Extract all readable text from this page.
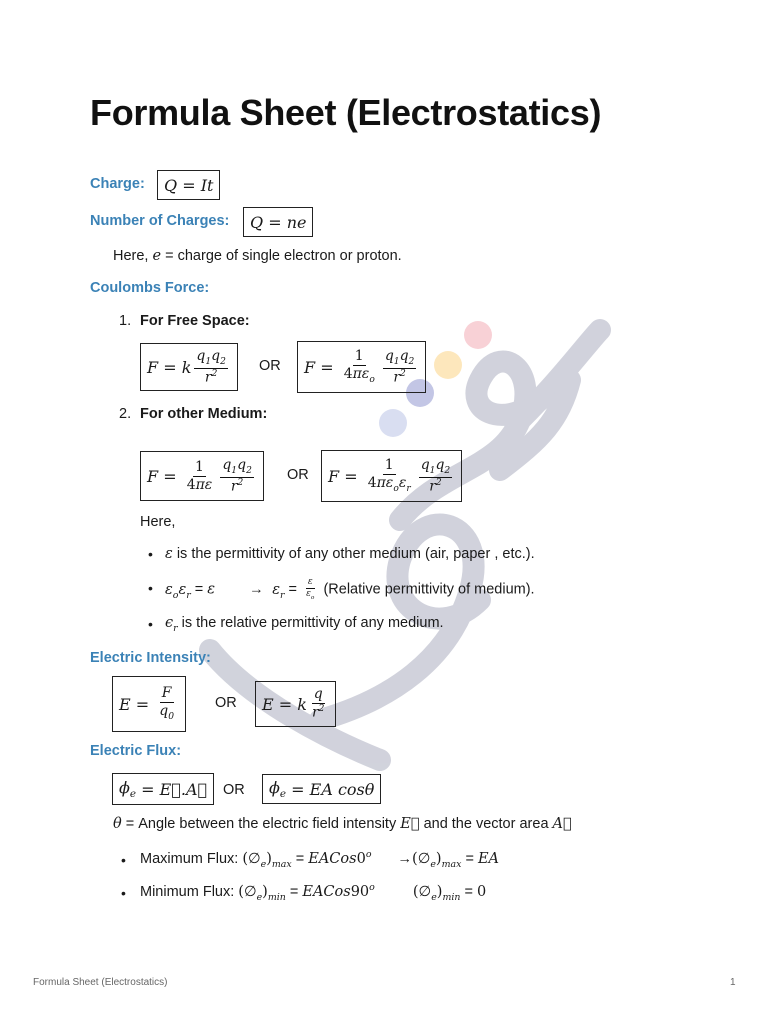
Formula Sheet (Electrostatics)
Charge: Q = It
Number of Charges: Q = ne
Here, e = charge of single electron or proton.
Coulombs Force:
1. For Free Space:
F = k $\frac{q_1q_2}{r^2}$ OR $F = \frac{1}{4\pi\varepsilon_o} \frac{q_1q_2}{r^2}$
2. For other Medium:
$F = \frac{1}{4\pi\varepsilon} \frac{q_1q_2}{r^2}$ OR $F = \frac{1}{4\pi\varepsilon_o\varepsilon_r} \frac{q_1q_2}{r^2}$
Here,
• ε is the permittivity of any other medium (air, paper , etc.).
• $\varepsilon_o\varepsilon_r = \varepsilon \to \varepsilon_r = \frac{\varepsilon}{\varepsilon_o}$ (Relative permittivity of medium).
• $\epsilon_r$ is the relative permittivity of any medium.
Electric Intensity:
$E = \frac{F}{q_0}$	OR E = k $\frac{q}{r^2}$
Electric Flux:
$\phi_e$ = E⃗.A⃗ OR $\phi_e$ = EA cosθ
θ = Angle between the electric field intensity E⃗ and the vector area A⃗
• Maximum Flux: $(\emptyset_e)_{max}$ = $EACos0^o$ $\to(\emptyset_e)_{max}$ = EA
• Minimum Flux: $(\emptyset_e)_{min}$ = $EACos90^o$	$(\emptyset_e)_{min} = 0$
Formula Sheet (Electrostatics)	1
